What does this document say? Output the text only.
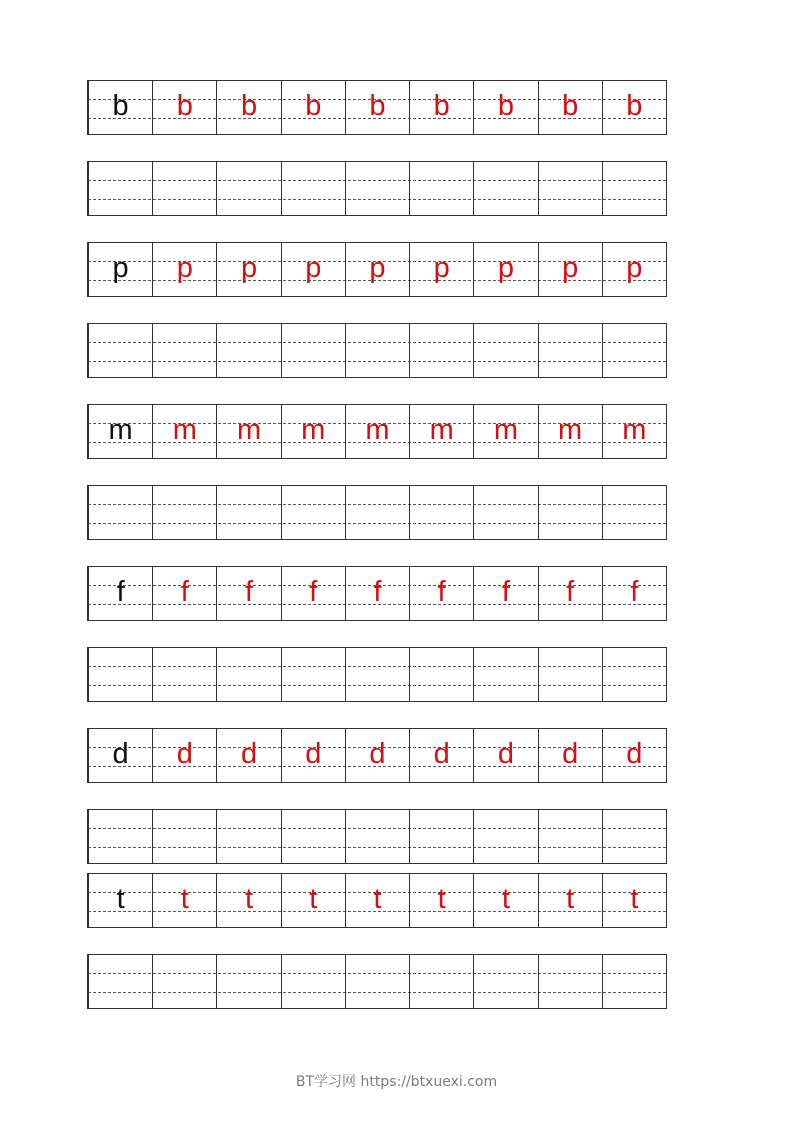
b b b b b b b b b
p p p p p p p p p
m m m m m m m m m
f f f f f f f f f
d d d d d d d d d
t t t t t t t t t
BT学习网 https://btxuexi.com
